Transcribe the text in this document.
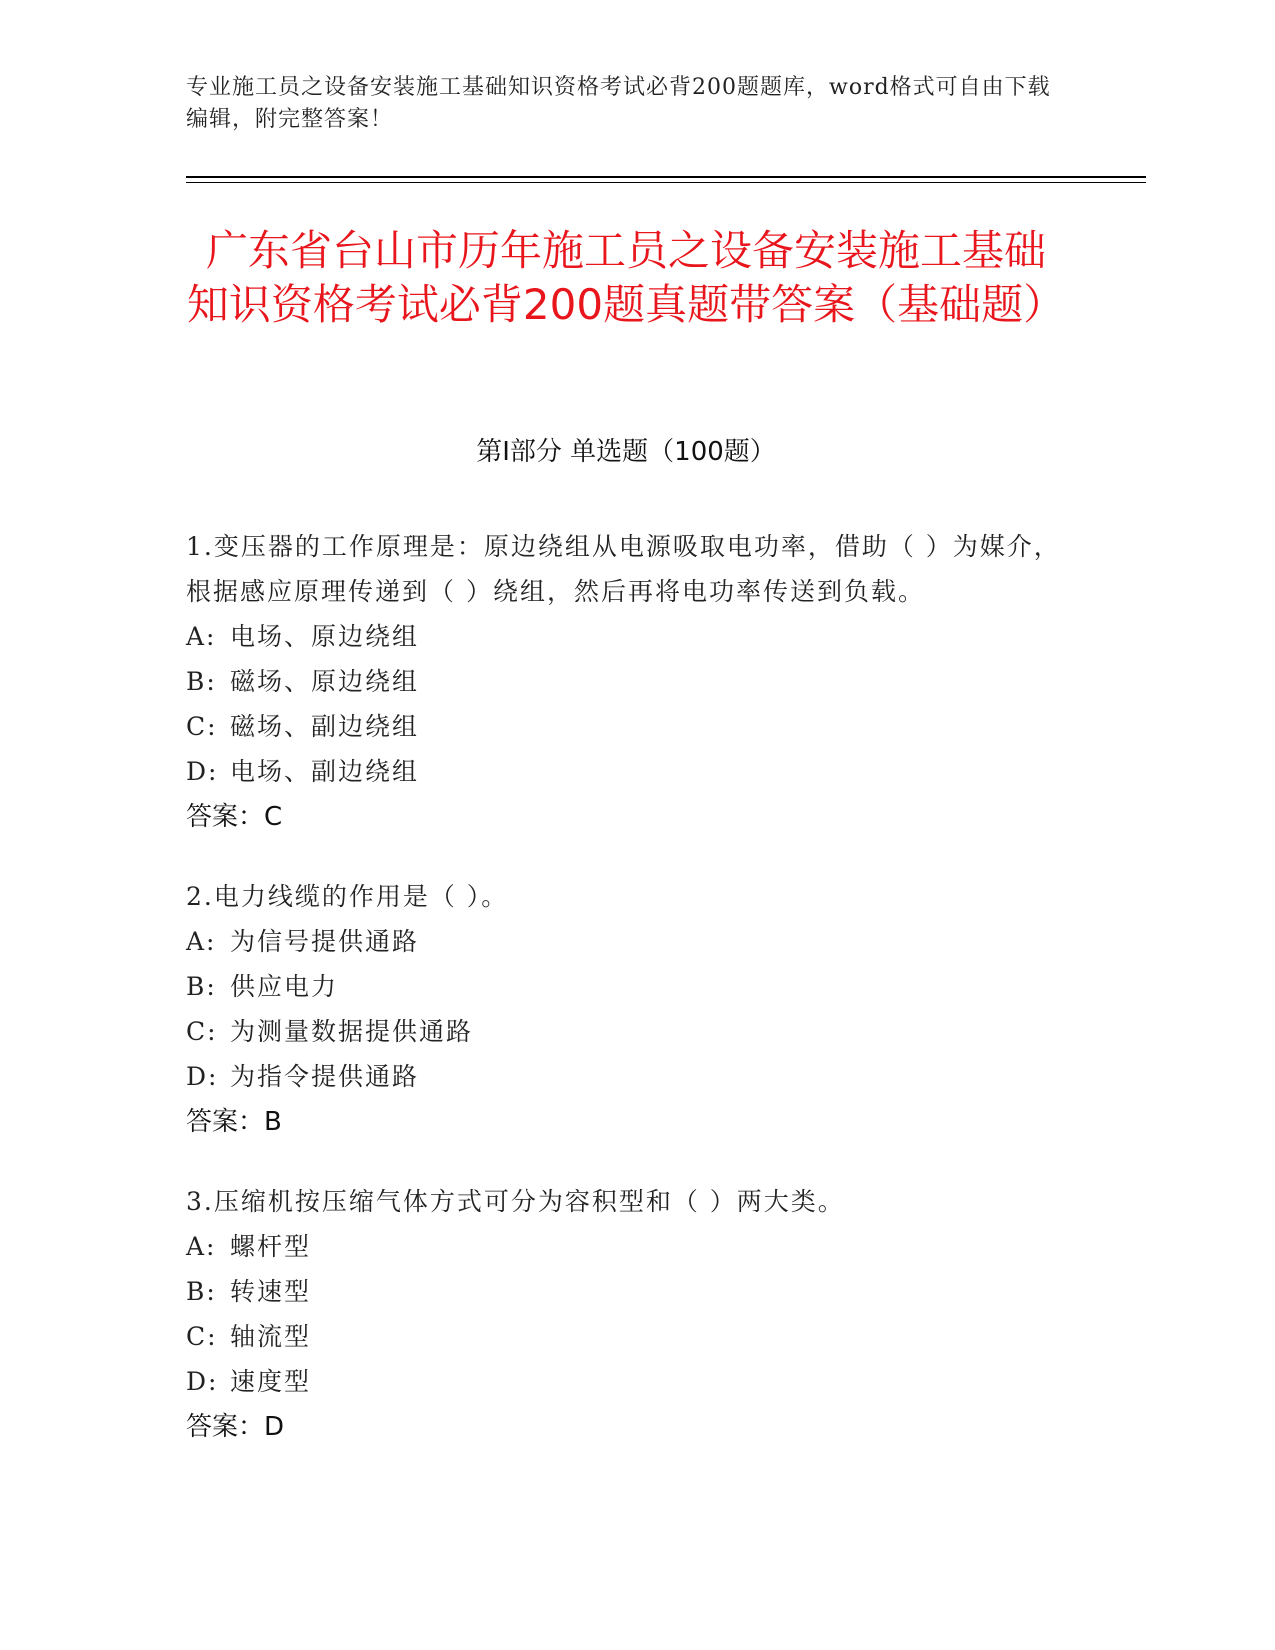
专业施工员之设备安装施工基础知识资格考试必背200题题库，word格式可自由下载编辑，附完整答案！
广东省台山市历年施工员之设备安装施工基础知识资格考试必背200题真题带答案（基础题）
第Ⅰ部分 单选题（100题）
1.变压器的工作原理是：原边绕组从电源吸取电功率，借助（ ）为媒介，根据感应原理传递到（ ）绕组，然后再将电功率传送到负载。
A: 电场、原边绕组
B: 磁场、原边绕组
C: 磁场、副边绕组
D: 电场、副边绕组
答案：C
2.电力线缆的作用是（ ）。
A: 为信号提供通路
B: 供应电力
C: 为测量数据提供通路
D: 为指令提供通路
答案：B
3.压缩机按压缩气体方式可分为容积型和（ ）两大类。
A: 螺杆型
B: 转速型
C: 轴流型
D: 速度型
答案：D
